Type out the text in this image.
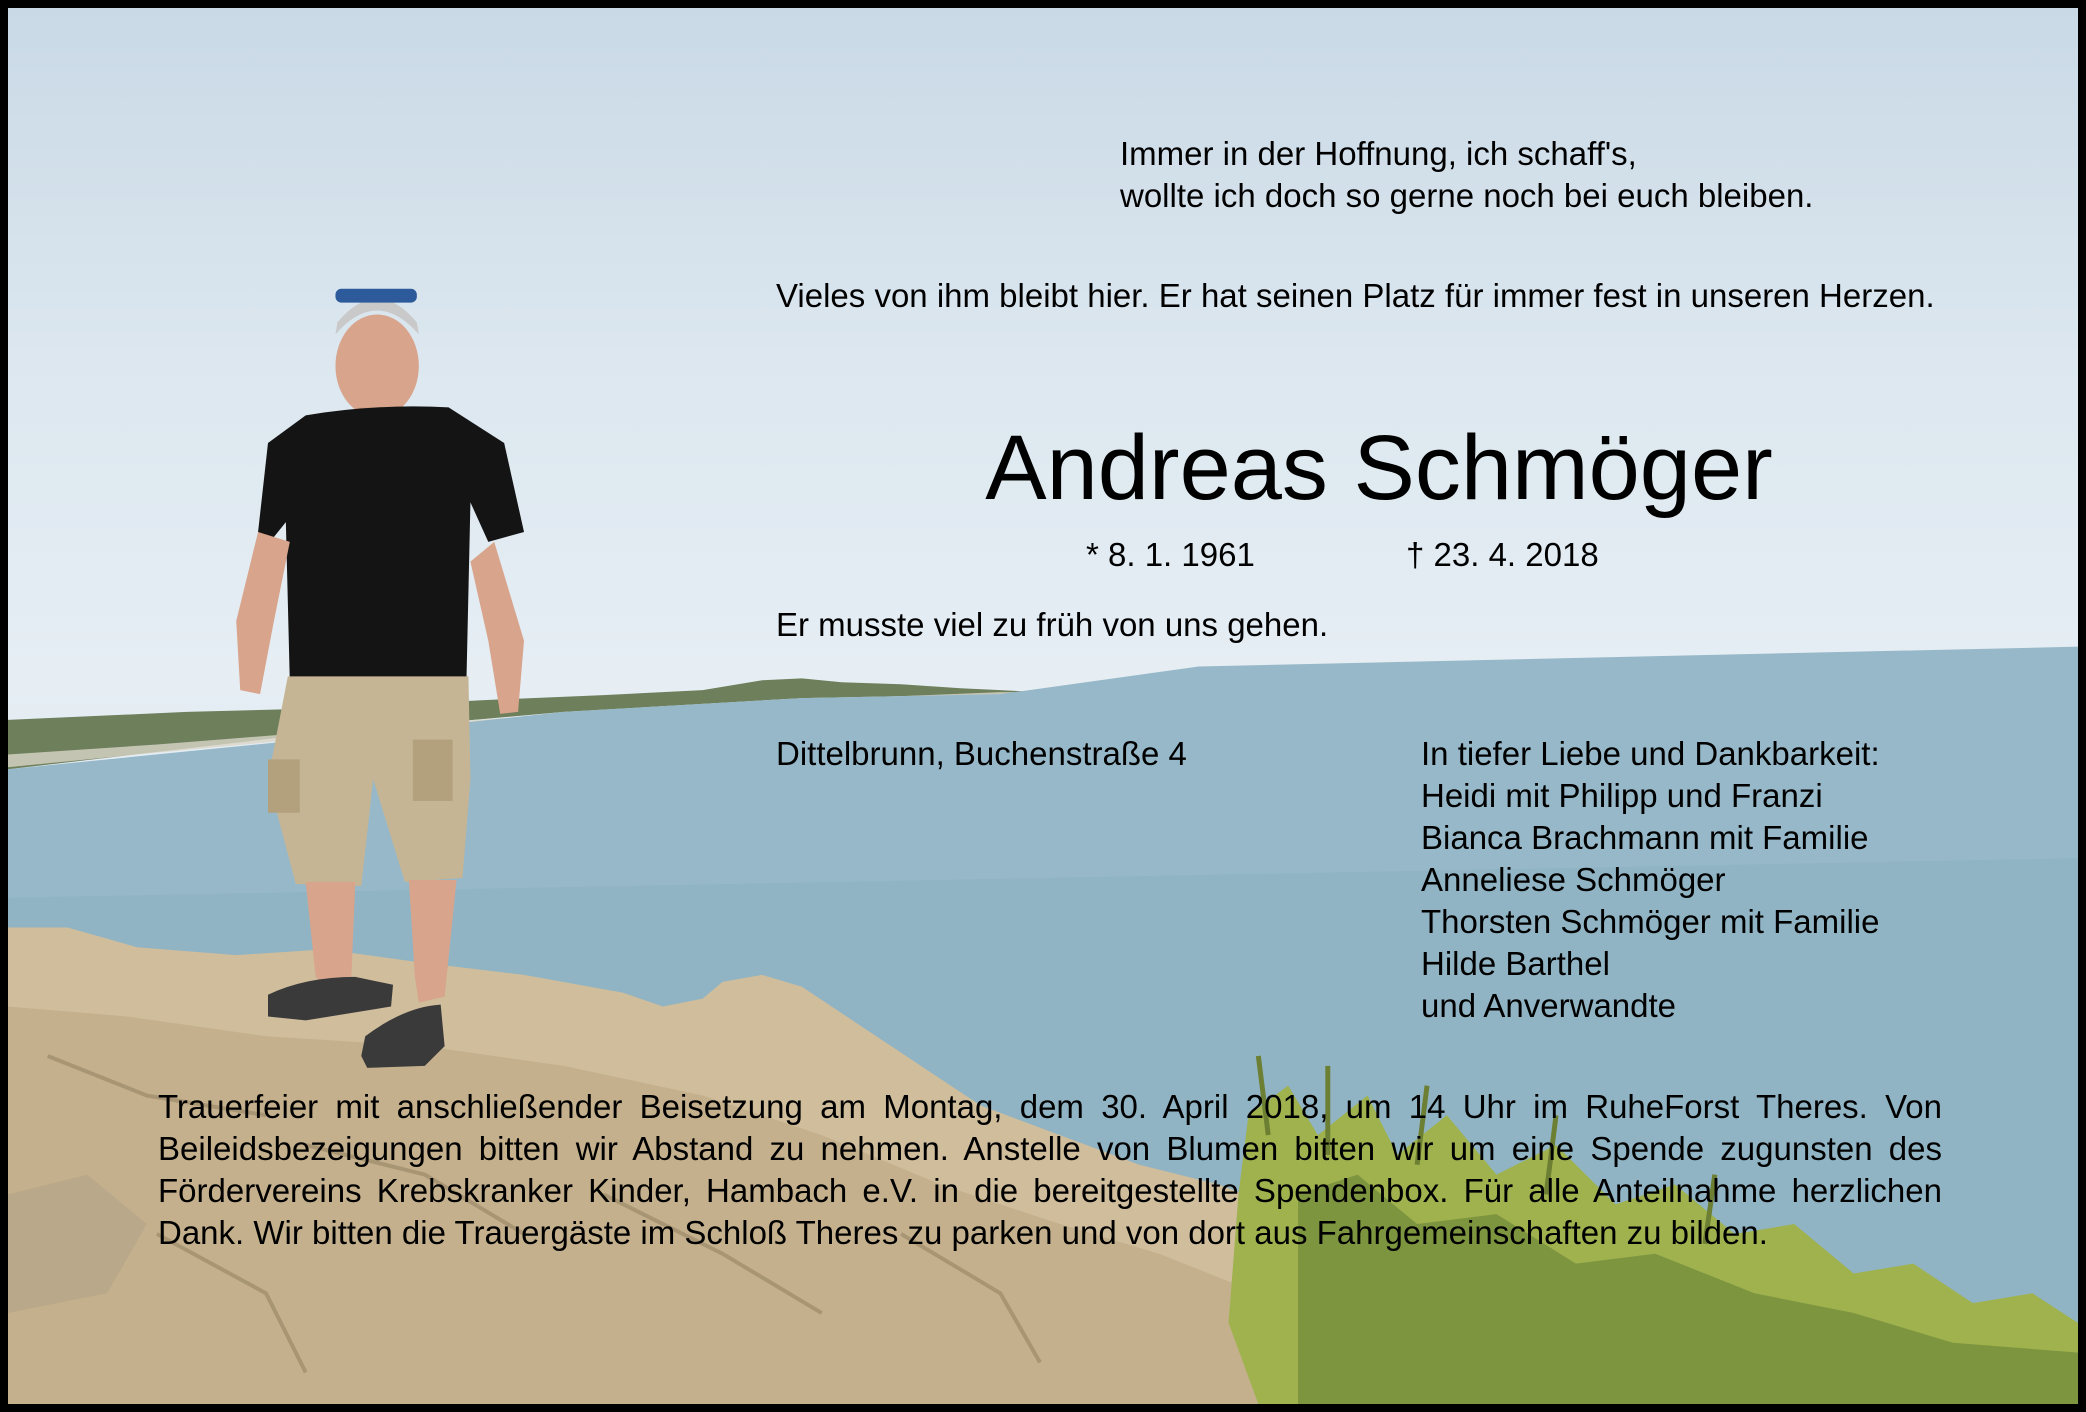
Immer in der Hoffnung, ich schaff's,
wollte ich doch so gerne noch bei euch bleiben.
Vieles von ihm bleibt hier. Er hat seinen Platz für immer fest in unseren Herzen.
Andreas Schmöger
* 8. 1. 1961	† 23. 4. 2018
Er musste viel zu früh von uns gehen.
Dittelbrunn, Buchenstraße 4	In tiefer Liebe und Dankbarkeit:
Heidi mit Philipp und Franzi
Bianca Brachmann mit Familie
Anneliese Schmöger
Thorsten Schmöger mit Familie
Hilde Barthel
und Anverwandte
Trauerfeier mit anschließender Beisetzung am Montag, dem 30. April 2018, um 14 Uhr im RuheForst Theres. Von Beileidsbezeigungen bitten wir Abstand zu nehmen. Anstelle von Blumen bitten wir um eine Spende zugunsten des Fördervereins Krebskranker Kinder, Hambach e.V. in die bereitgestellte Spendenbox. Für alle Anteilnahme herzlichen Dank. Wir bitten die Trauergäste im Schloß Theres zu parken und von dort aus Fahrgemeinschaften zu bilden.
